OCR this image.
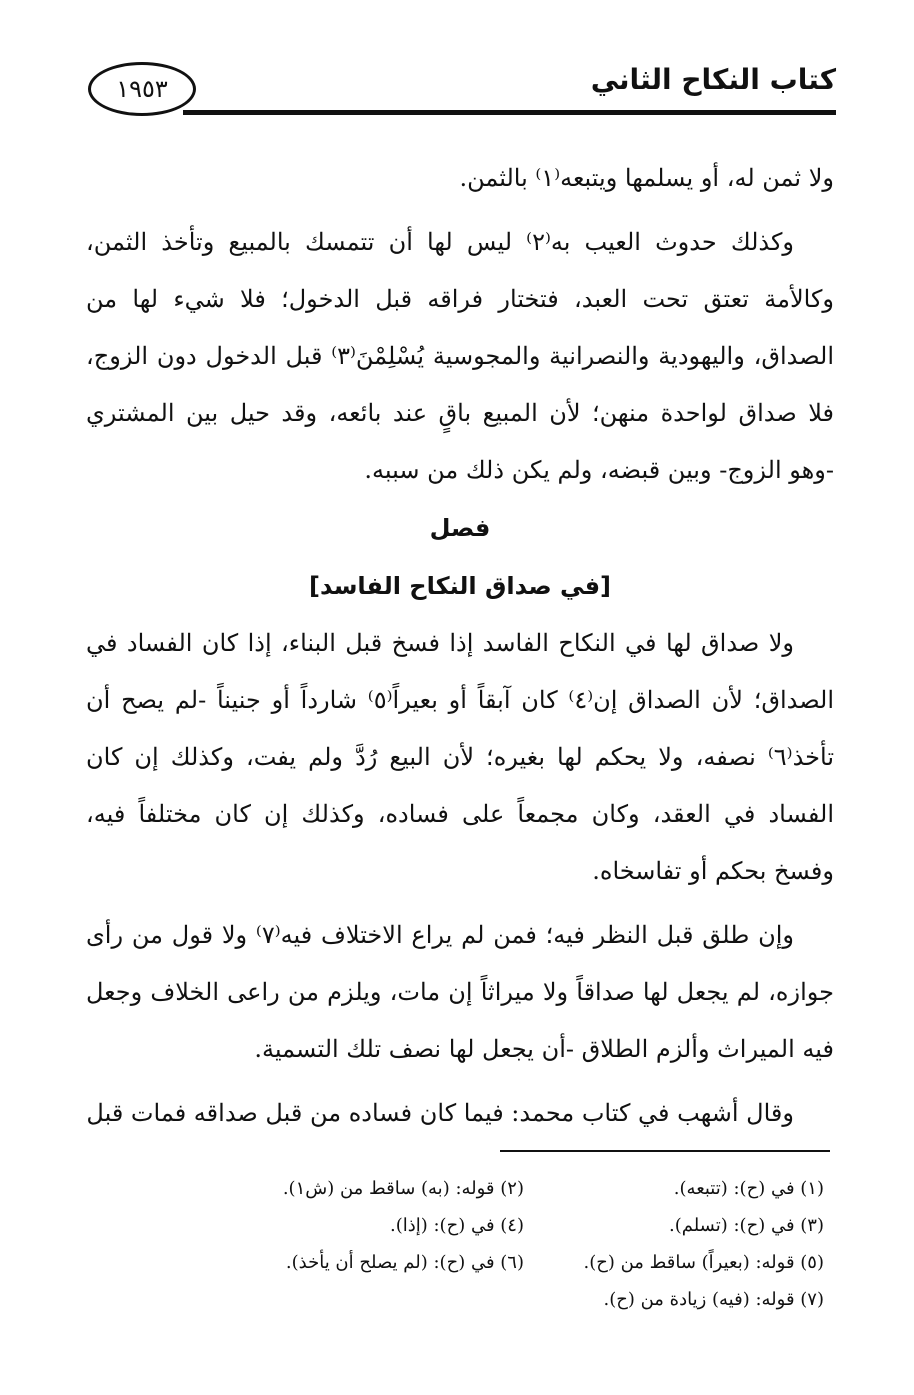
كتاب النكاح الثاني
١٩٥٣

ولا ثمن له، أو يسلمها ويتبعه⁽١⁾ بالثمن.

وكذلك حدوث العيب به⁽٢⁾ ليس لها أن تتمسك بالمبيع وتأخذ الثمن، وكالأمة تعتق تحت العبد، فتختار فراقه قبل الدخول؛ فلا شيء لها من الصداق، واليهودية والنصرانية والمجوسية يُسْلِمْنَ⁽٣⁾ قبل الدخول دون الزوج، فلا صداق لواحدة منهن؛ لأن المبيع باقٍ عند بائعه، وقد حيل بين المشتري -وهو الزوج- وبين قبضه، ولم يكن ذلك من سببه.

فصل
[في صداق النكاح الفاسد]

ولا صداق لها في النكاح الفاسد إذا فسخ قبل البناء، إذا كان الفساد في الصداق؛ لأن الصداق إن⁽٤⁾ كان آبقاً أو بعيراً⁽٥⁾ شارداً أو جنيناً -لم يصح أن تأخذ⁽٦⁾ نصفه، ولا يحكم لها بغيره؛ لأن البيع رُدَّ ولم يفت، وكذلك إن كان الفساد في العقد، وكان مجمعاً على فساده، وكذلك إن كان مختلفاً فيه، وفسخ بحكم أو تفاسخاه.

وإن طلق قبل النظر فيه؛ فمن لم يراع الاختلاف فيه⁽٧⁾ ولا قول من رأى جوازه، لم يجعل لها صداقاً ولا ميراثاً إن مات، ويلزم من راعى الخلاف وجعل فيه الميراث وألزم الطلاق -أن يجعل لها نصف تلك التسمية.

وقال أشهب في كتاب محمد: فيما كان فساده من قبل صداقه فمات قبل

(١) في (ح): (تتبعه).
(٢) قوله: (به) ساقط من (ش١).
(٣) في (ح): (تسلم).
(٤) في (ح): (إذا).
(٥) قوله: (بعيراً) ساقط من (ح).
(٦) في (ح): (لم يصلح أن يأخذ).
(٧) قوله: (فيه) زيادة من (ح).
